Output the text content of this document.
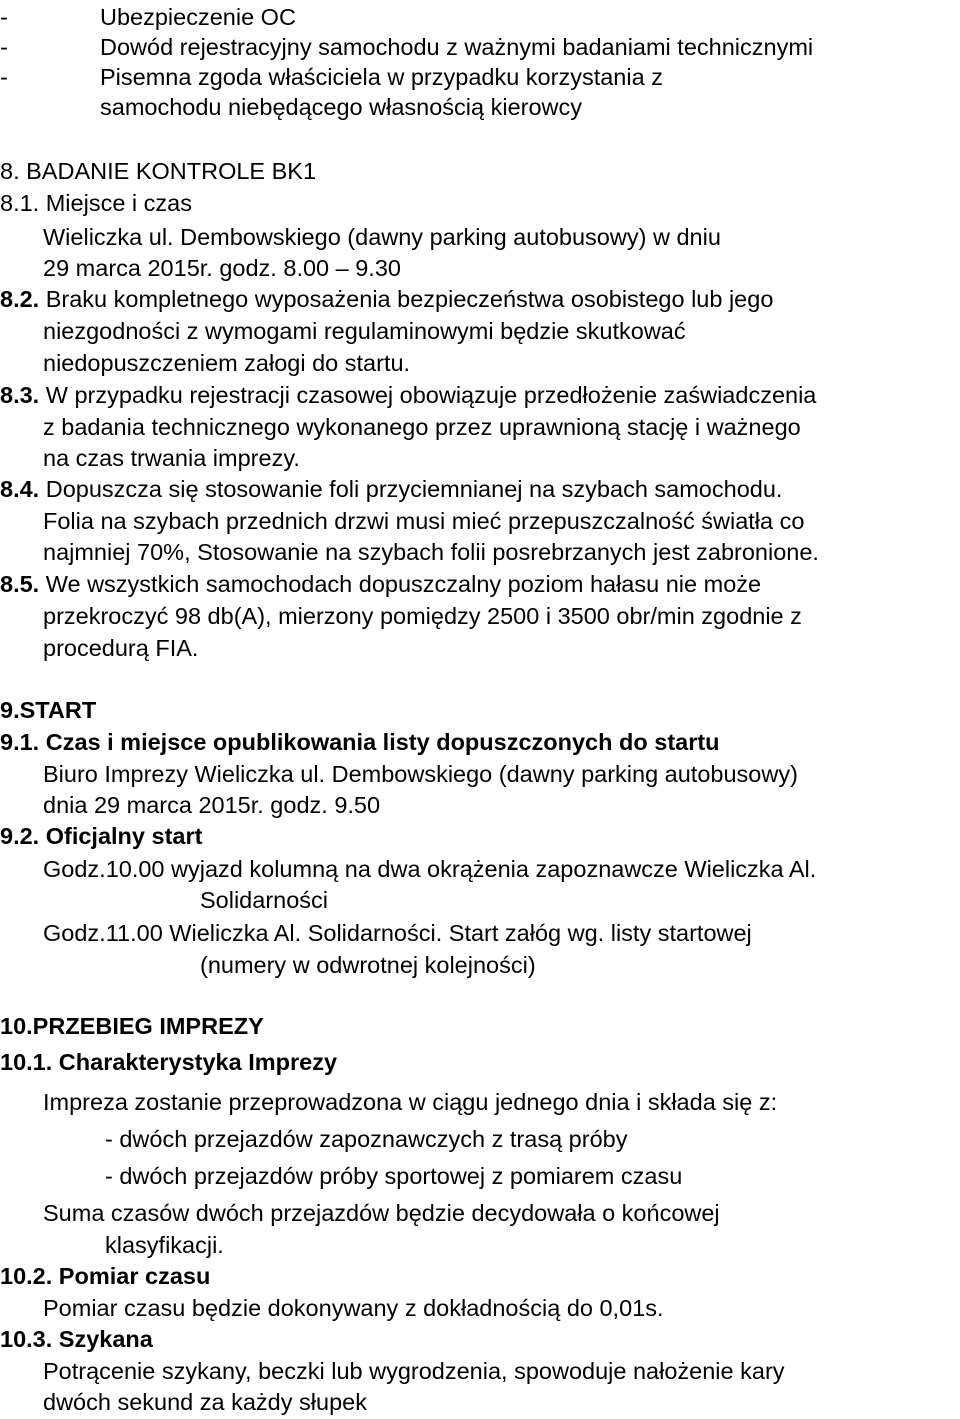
-	Ubezpieczenie OC
-	Dowód rejestracyjny samochodu z ważnymi badaniami technicznymi
-	Pisemna zgoda właściciela w przypadku korzystania z
samochodu niebędącego własnością kierowcy
8. BADANIE KONTROLE BK1
8.1. Miejsce i czas
Wieliczka ul. Dembowskiego (dawny parking autobusowy) w dniu
29 marca 2015r. godz. 8.00 – 9.30
8.2. Braku kompletnego wyposażenia bezpieczeństwa osobistego lub jego
niezgodności z wymogami regulaminowymi będzie skutkować
niedopuszczeniem załogi do startu.
8.3. W przypadku rejestracji czasowej obowiązuje przedłożenie zaświadczenia
z badania technicznego wykonanego przez uprawnioną stację i ważnego
na czas trwania imprezy.
8.4. Dopuszcza się stosowanie foli przyciemnianej na szybach samochodu.
Folia na szybach przednich drzwi musi mieć przepuszczalność światła co
najmniej 70%, Stosowanie na szybach folii posrebrzanych jest zabronione.
8.5. We wszystkich samochodach dopuszczalny poziom hałasu nie może
przekroczyć 98 db(A), mierzony pomiędzy 2500 i 3500 obr/min zgodnie z
procedurą FIA.
9.START
9.1. Czas i miejsce opublikowania listy dopuszczonych do startu
Biuro Imprezy Wieliczka ul. Dembowskiego (dawny parking autobusowy)
dnia 29 marca 2015r. godz. 9.50
9.2. Oficjalny start
Godz.10.00 wyjazd kolumną na dwa okrążenia zapoznawcze Wieliczka Al.
Solidarności
Godz.11.00 Wieliczka Al. Solidarności. Start załóg wg. listy startowej
(numery w odwrotnej kolejności)
10.PRZEBIEG IMPREZY
10.1. Charakterystyka Imprezy
Impreza zostanie przeprowadzona w ciągu jednego dnia i składa się z:
- dwóch przejazdów zapoznawczych z trasą próby
- dwóch przejazdów próby sportowej z pomiarem czasu
Suma czasów dwóch przejazdów będzie decydowała o końcowej
klasyfikacji.
10.2. Pomiar czasu
Pomiar czasu będzie dokonywany z dokładnością do 0,01s.
10.3. Szykana
Potrącenie szykany, beczki lub wygrodzenia, spowoduje nałożenie kary
dwóch sekund za każdy słupek
